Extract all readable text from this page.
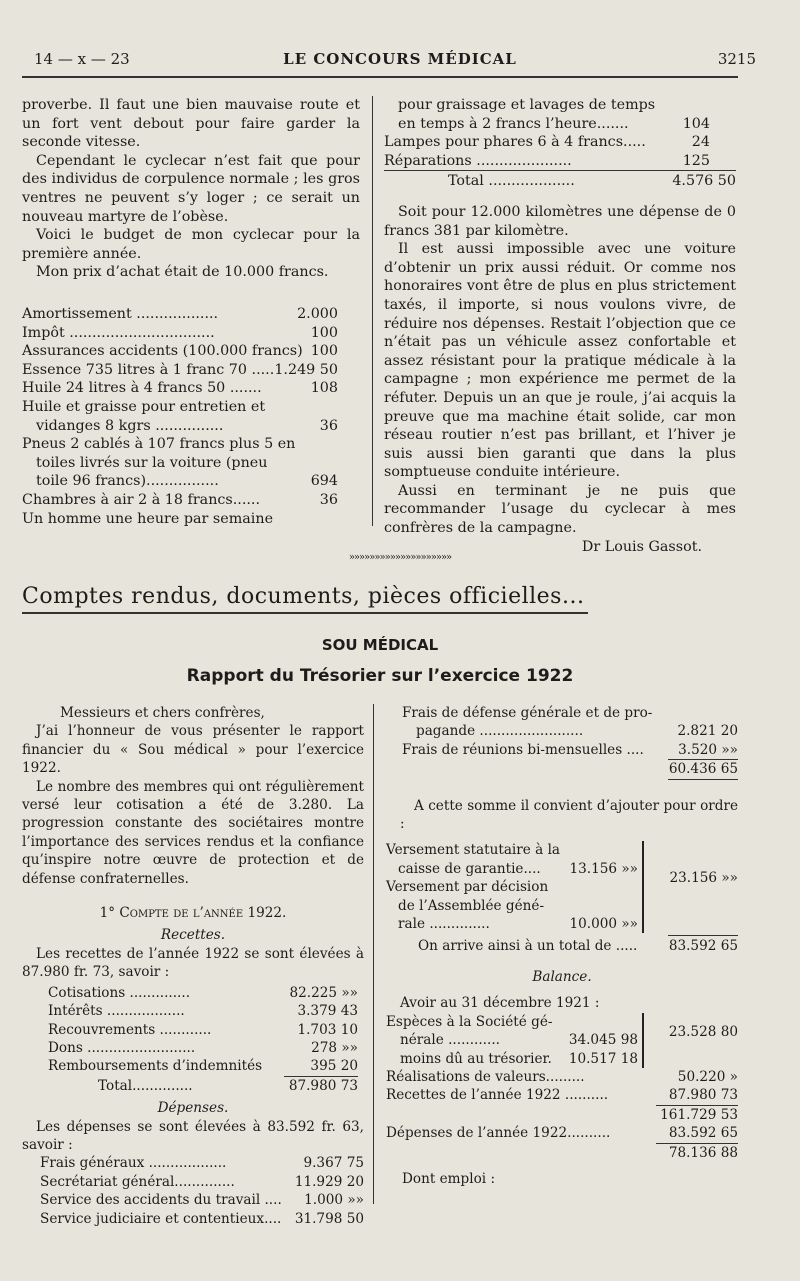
14 — x — 23	LE CONCOURS MÉDICAL	3215

proverbe. Il faut une bien mauvaise route et un fort vent debout pour faire garder la seconde vitesse.

Cependant le cyclecar n’est fait que pour des individus de corpulence normale ; les gros ventres ne peuvent s’y loger ; ce serait un nouveau martyre de l’obèse.

Voici le budget de mon cyclecar pour la première année.

Mon prix d’achat était de 10.000 francs.

Amortissement ..................	2.000
Impôt ................................	100
Assurances accidents (100.000 francs) 100
Essence 735 litres à 1 franc 70 ..... 1.249 50
Huile 24 litres à 4 francs 50 .......	108
Huile et graisse pour entretien et
vidanges 8 kgrs ...............	36
Pneus 2 cablés à 107 francs plus 5 en
toiles livrés sur la voiture (pneu
toile 96 francs)................	694
Chambres à air 2 à 18 francs......	36
Un homme une heure par semaine
pour graissage et lavages de temps
en temps à 2 francs l’heure.......	104
Lampes pour phares 6 à 4 francs.....	24
Réparations .....................	125
Total ...................	4.576 50

Soit pour 12.000 kilomètres une dépense de 0 francs 381 par kilomètre.

Il est aussi impossible avec une voiture d’obtenir un prix aussi réduit. Or comme nos honoraires vont être de plus en plus strictement taxés, il importe, si nous voulons vivre, de réduire nos dépenses. Restait l’objection que ce n’était pas un véhicule assez confortable et assez résistant pour la pratique médicale à la campagne ; mon expérience me permet de la réfuter. Depuis un an que je roule, j’ai acquis la preuve que ma machine était solide, car mon réseau routier n’est pas brillant, et l’hiver je suis aussi bien garanti que dans la plus somptueuse conduite intérieure.

Aussi en terminant je ne puis que recommander l’usage du cyclecar à mes confrères de la campagne.

Dr Louis Gassot.
»»»»»»»»»»»»»»»»»»»»
Comptes rendus, documents, pièces officielles...
SOU MÉDICAL
Rapport du Trésorier sur l’exercice 1922

Messieurs et chers confrères,

J’ai l’honneur de vous présenter le rapport financier du « Sou médical » pour l’exercice 1922.

Le nombre des membres qui ont régulièrement versé leur cotisation a été de 3.280. La progression constante des sociétaires montre l’importance des services rendus et la confiance qu’inspire notre œuvre de protection et de défense confraternelles.

1° Compte de l’année 1922.
Recettes.

Les recettes de l’année 1922 se sont élevées à 87.980 fr. 73, savoir :

Cotisations ..............	82.225 »»
Intérêts ..................	3.379 43
Recouvrements ............	1.703 10
Dons .........................	278 »»
Remboursements d’indemnités	395 20
Total..............	87.980 73
Dépenses.

Les dépenses se sont élevées à 83.592 fr. 63, savoir :

Frais généraux ..................	9.367 75
Secrétariat général..............	11.929 20
Service des accidents du travail .... 1.000 »»
Service judiciaire et contentieux.... 31.798 50
Frais de défense générale et de pro-
pagande ........................	2.821 20
Frais de réunions bi-mensuelles ....	3.520 »»
60.436 65

A cette somme il convient d’ajouter pour ordre :

Versement statutaire à la
caisse de garantie.... 13.156 »»
Versement par décision
de l’Assemblée géné-
rale ..............	10.000 »»
23.156 »»
On arrive ainsi à un total de ..... 83.592 65
Balance.
Avoir au 31 décembre 1921 :
Espèces à la Société gé-
nérale ............	34.045 98
moins dû au trésorier. 10.517 18
23.528 80
Réalisations de valeurs.........	50.220 »
Recettes de l’année 1922 ..........	87.980 73
161.729 53
Dépenses de l’année 1922..........	83.592 65
78.136 88
Dont emploi :
